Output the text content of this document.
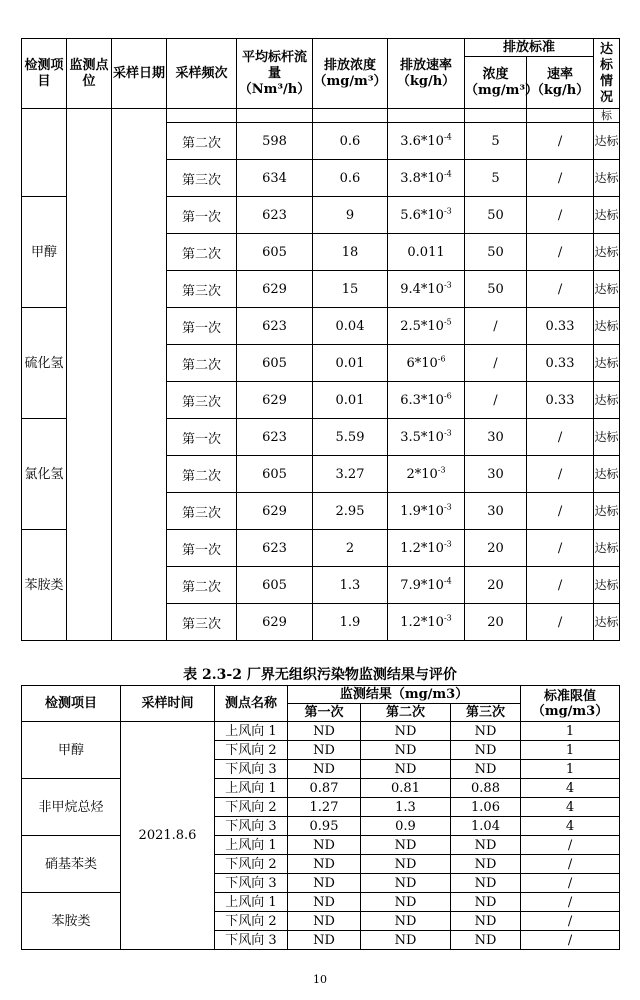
检测项目	监测点位	采样日期	采样频次	平均标杆流量（Nm³/h）	排放浓度（mg/m³）	排放速率（kg/h）	排放标准		达标情况
							浓度（mg/m³）	速率（kg/h）	
									标
			第二次	598	0.6	$3.6*10^{-4}$	5	/	达标
			第三次	634	0.6	$3.8*10^{-4}$	5	/	达标
甲醇			第一次	623	9	$5.6*10^{-3}$	50	/	达标
			第二次	605	18	0.011	50	/	达标
			第三次	629	15	$9.4*10^{-3}$	50	/	达标
硫化氢			第一次	623	0.04	$2.5*10^{-5}$	/	0.33	达标
			第二次	605	0.01	$6*10^{-6}$	/	0.33	达标
			第三次	629	0.01	$6.3*10^{-6}$	/	0.33	达标
氯化氢			第一次	623	5.59	$3.5*10^{-3}$	30	/	达标
			第二次	605	3.27	$2*10^{-3}$	30	/	达标
			第三次	629	2.95	$1.9*10^{-3}$	30	/	达标
苯胺类			第一次	623	2	$1.2*10^{-3}$	20	/	达标
			第二次	605	1.3	$7.9*10^{-4}$	20	/	达标
			第三次	629	1.9	$1.2*10^{-3}$	20	/	达标
表 2.3-2 厂界无组织污染物监测结果与评价
检测项目	采样时间	测点名称	监测结果（mg/m3）			标准限值（mg/m3）
			第一次	第二次	第三次	
甲醇	2021.8.6	上风向 1	ND	ND	ND	1
		下风向 2	ND	ND	ND	1
		下风向 3	ND	ND	ND	1
非甲烷总烃		上风向 1	0.87	0.81	0.88	4
		下风向 2	1.27	1.3	1.06	4
		下风向 3	0.95	0.9	1.04	4
硝基苯类		上风向 1	ND	ND	ND	/
		下风向 2	ND	ND	ND	/
		下风向 3	ND	ND	ND	/
苯胺类		上风向 1	ND	ND	ND	/
		下风向 2	ND	ND	ND	/
		下风向 3	ND	ND	ND	/
10
